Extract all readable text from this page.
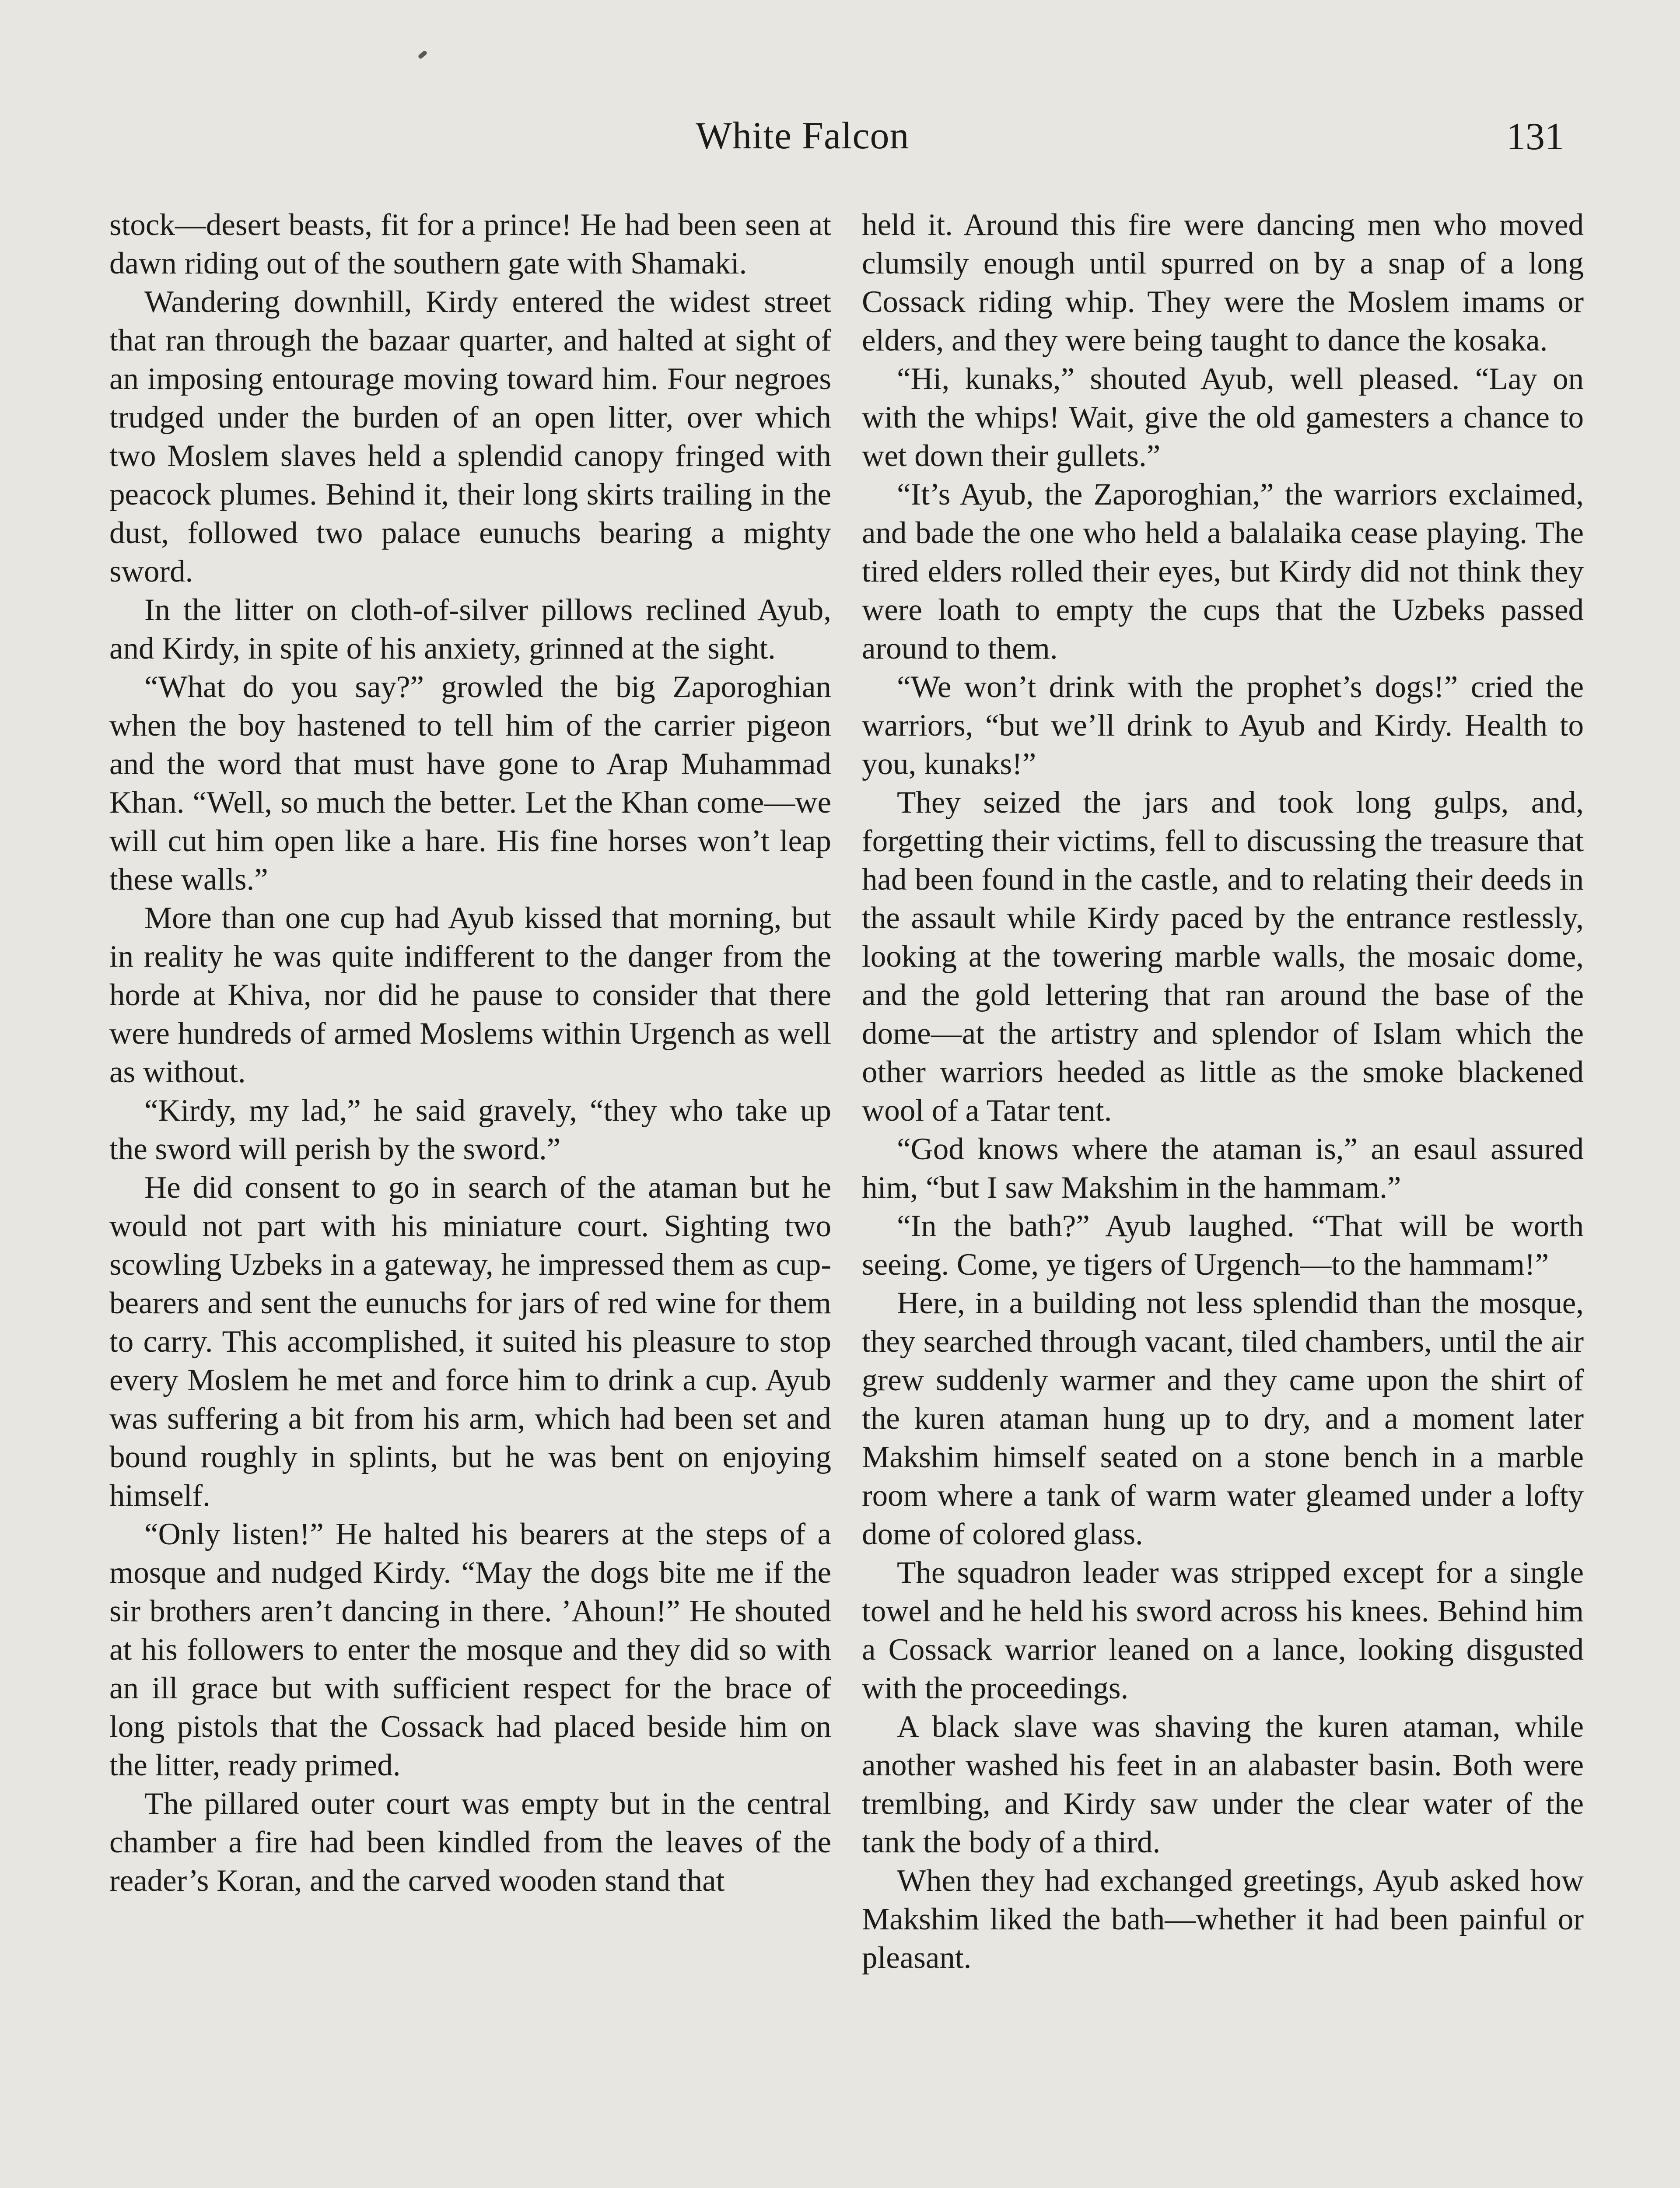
White Falcon	131

stock—desert beasts, fit for a prince! He had been seen at dawn riding out of the southern gate with Shamaki.

Wandering downhill, Kirdy entered the widest street that ran through the bazaar quarter, and halted at sight of an imposing entourage moving toward him. Four negroes trudged under the burden of an open litter, over which two Moslem slaves held a splendid canopy fringed with peacock plumes. Behind it, their long skirts trailing in the dust, followed two palace eunuchs bearing a mighty sword.

In the litter on cloth-of-silver pillows reclined Ayub, and Kirdy, in spite of his anxiety, grinned at the sight.

“What do you say?” growled the big Zaporoghian when the boy hastened to tell him of the carrier pigeon and the word that must have gone to Arap Muhammad Khan. “Well, so much the better. Let the Khan come—we will cut him open like a hare. His fine horses won’t leap these walls.”

More than one cup had Ayub kissed that morning, but in reality he was quite indifferent to the danger from the horde at Khiva, nor did he pause to consider that there were hundreds of armed Moslems within Urgench as well as without.

“Kirdy, my lad,” he said gravely, “they who take up the sword will perish by the sword.”

He did consent to go in search of the ataman but he would not part with his miniature court. Sighting two scowling Uzbeks in a gateway, he impressed them as cup-bearers and sent the eunuchs for jars of red wine for them to carry. This accomplished, it suited his pleasure to stop every Moslem he met and force him to drink a cup. Ayub was suffering a bit from his arm, which had been set and bound roughly in splints, but he was bent on enjoying himself.

“Only listen!” He halted his bearers at the steps of a mosque and nudged Kirdy. “May the dogs bite me if the sir brothers aren’t dancing in there. ’Ahoun!” He shouted at his followers to enter the mosque and they did so with an ill grace but with sufficient respect for the brace of long pistols that the Cossack had placed beside him on the litter, ready primed.

The pillared outer court was empty but in the central chamber a fire had been kindled from the leaves of the reader’s Koran, and the carved wooden stand that

held it. Around this fire were dancing men who moved clumsily enough until spurred on by a snap of a long Cossack riding whip. They were the Moslem imams or elders, and they were being taught to dance the kosaka.

“Hi, kunaks,” shouted Ayub, well pleased. “Lay on with the whips! Wait, give the old gamesters a chance to wet down their gullets.”

“It’s Ayub, the Zaporoghian,” the warriors exclaimed, and bade the one who held a balalaika cease playing. The tired elders rolled their eyes, but Kirdy did not think they were loath to empty the cups that the Uzbeks passed around to them.

“We won’t drink with the prophet’s dogs!” cried the warriors, “but we’ll drink to Ayub and Kirdy. Health to you, kunaks!”

They seized the jars and took long gulps, and, forgetting their victims, fell to discussing the treasure that had been found in the castle, and to relating their deeds in the assault while Kirdy paced by the entrance restlessly, looking at the towering marble walls, the mosaic dome, and the gold lettering that ran around the base of the dome—at the artistry and splendor of Islam which the other warriors heeded as little as the smoke blackened wool of a Tatar tent.

“God knows where the ataman is,” an esaul assured him, “but I saw Makshim in the hammam.”

“In the bath?” Ayub laughed. “That will be worth seeing. Come, ye tigers of Urgench—to the hammam!”

Here, in a building not less splendid than the mosque, they searched through vacant, tiled chambers, until the air grew suddenly warmer and they came upon the shirt of the kuren ataman hung up to dry, and a moment later Makshim himself seated on a stone bench in a marble room where a tank of warm water gleamed under a lofty dome of colored glass.

The squadron leader was stripped except for a single towel and he held his sword across his knees. Behind him a Cossack warrior leaned on a lance, looking disgusted with the proceedings.

A black slave was shaving the kuren ataman, while another washed his feet in an alabaster basin. Both were tremlbing, and Kirdy saw under the clear water of the tank the body of a third.

When they had exchanged greetings, Ayub asked how Makshim liked the bath—whether it had been painful or pleasant.
